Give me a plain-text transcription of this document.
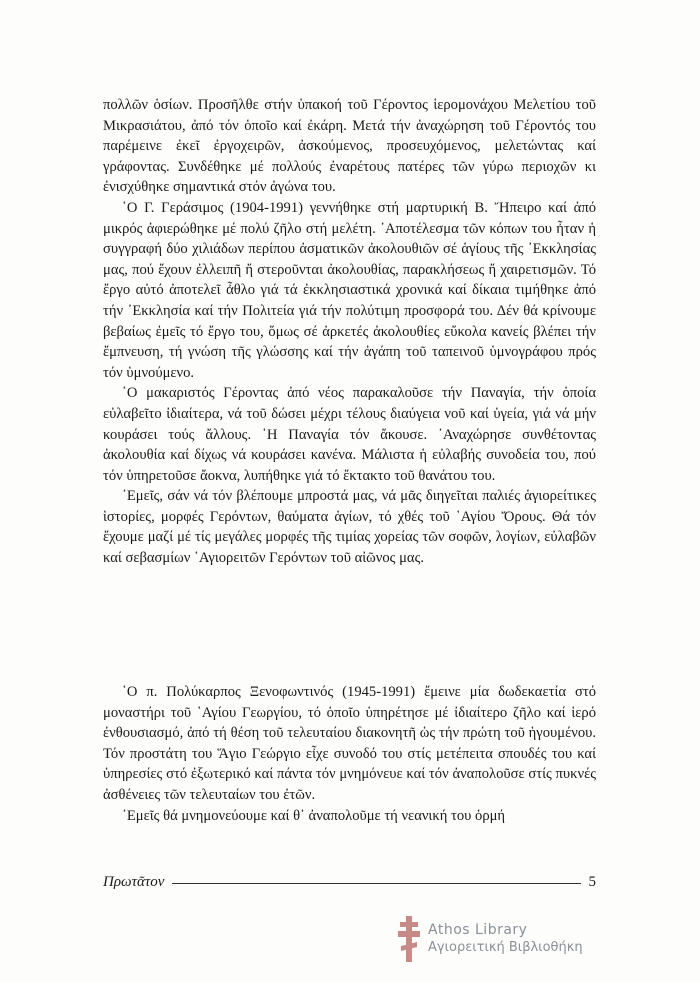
πολλῶν ὁσίων. Προσῆλθε στήν ὑπακοή τοῦ Γέροντος ἱερομονάχου Μελετίου τοῦ Μικρασιάτου, ἀπό τόν ὁποῖο καί ἐκάρη. Μετά τήν ἀναχώρηση τοῦ Γέροντός του παρέμεινε ἐκεῖ ἐργοχειρῶν, ἀσκούμενος, προσευχόμενος, μελετώντας καί γράφοντας. Συνδέθηκε μέ πολλούς ἐναρέτους πατέρες τῶν γύρω περιοχῶν κι ἐνισχύθηκε σημαντικά στόν ἀγώνα του.

῾Ο Γ. Γεράσιμος (1904-1991) γεννήθηκε στή μαρτυρική Β. Ἤπειρο καί ἀπό μικρός ἀφιερώθηκε μέ πολύ ζῆλο στή μελέτη. ᾿Αποτέλεσμα τῶν κόπων του ἦταν ἡ συγγραφή δύο χιλιάδων περίπου ἀσματικῶν ἀκολουθιῶν σέ ἁγίους τῆς ᾿Εκκλησίας μας, πού ἔχουν ἐλλειπῆ ἤ στεροῦνται ἀκολουθίας, παρακλήσεως ἤ χαιρετισμῶν. Τό ἔργο αὐτό ἀποτελεῖ ἆθλο γιά τά ἐκκλησιαστικά χρονικά καί δίκαια τιμήθηκε ἀπό τήν ᾿Εκκλησία καί τήν Πολιτεία γιά τήν πολύτιμη προσφορά του. Δέν θά κρίνουμε βεβαίως ἐμεῖς τό ἔργο του, ὅμως σέ ἀρκετές ἀκολουθίες εὔκολα κανείς βλέπει τήν ἔμπνευση, τή γνώση τῆς γλώσσης καί τήν ἀγάπη τοῦ ταπεινοῦ ὑμνογράφου πρός τόν ὑμνούμενο.

῾Ο μακαριστός Γέροντας ἀπό νέος παρακαλοῦσε τήν Παναγία, τήν ὁποία εὐλαβεῖτο ἰδιαίτερα, νά τοῦ δώσει μέχρι τέλους διαύγεια νοῦ καί ὑγεία, γιά νά μήν κουράσει τούς ἄλλους. ῾Η Παναγία τόν ἄκουσε. ᾿Αναχώρησε συνθέτοντας ἀκολουθία καί δίχως νά κουράσει κανένα. Μάλιστα ἡ εὐλαβής συνοδεία του, πού τόν ὑπηρετοῦσε ἄοκνα, λυπήθηκε γιά τό ἔκτακτο τοῦ θανάτου του.

᾿Εμεῖς, σάν νά τόν βλέπουμε μπροστά μας, νά μᾶς διηγεῖται παλιές ἁγιορείτικες ἱστορίες, μορφές Γερόντων, θαύματα ἁγίων, τό χθές τοῦ ῾Αγίου Ὄρους. Θά τόν ἔχουμε μαζί μέ τίς μεγάλες μορφές τῆς τιμίας χορείας τῶν σοφῶν, λογίων, εὐλαβῶν καί σεβασμίων ῾Αγιορειτῶν Γερόντων τοῦ αἰῶνος μας.

῾Ο π. Πολύκαρπος Ξενοφωντινός (1945-1991) ἔμεινε μία δωδεκαετία στό μοναστήρι τοῦ ῾Αγίου Γεωργίου, τό ὁποῖο ὑπηρέτησε μέ ἰδιαίτερο ζῆλο καί ἱερό ἐνθουσιασμό, ἀπό τή θέση τοῦ τελευταίου διακονητῆ ὡς τήν πρώτη τοῦ ἡγουμένου. Τόν προστάτη του Ἅγιο Γεώργιο εἶχε συνοδό του στίς μετέπειτα σπουδές του καί ὑπηρεσίες στό ἐξωτερικό καί πάντα τόν μνημόνευε καί τόν ἀναπολοῦσε στίς πυκνές ἀσθένειες τῶν τελευταίων του ἐτῶν.

᾿Εμεῖς θά μνημονεύουμε καί θ᾿ ἀναπολοῦμε τή νεανική του ὁρμή

Πρωτᾶτον	5
Athos Library
Αγιορειτική Βιβλιοθήκη
